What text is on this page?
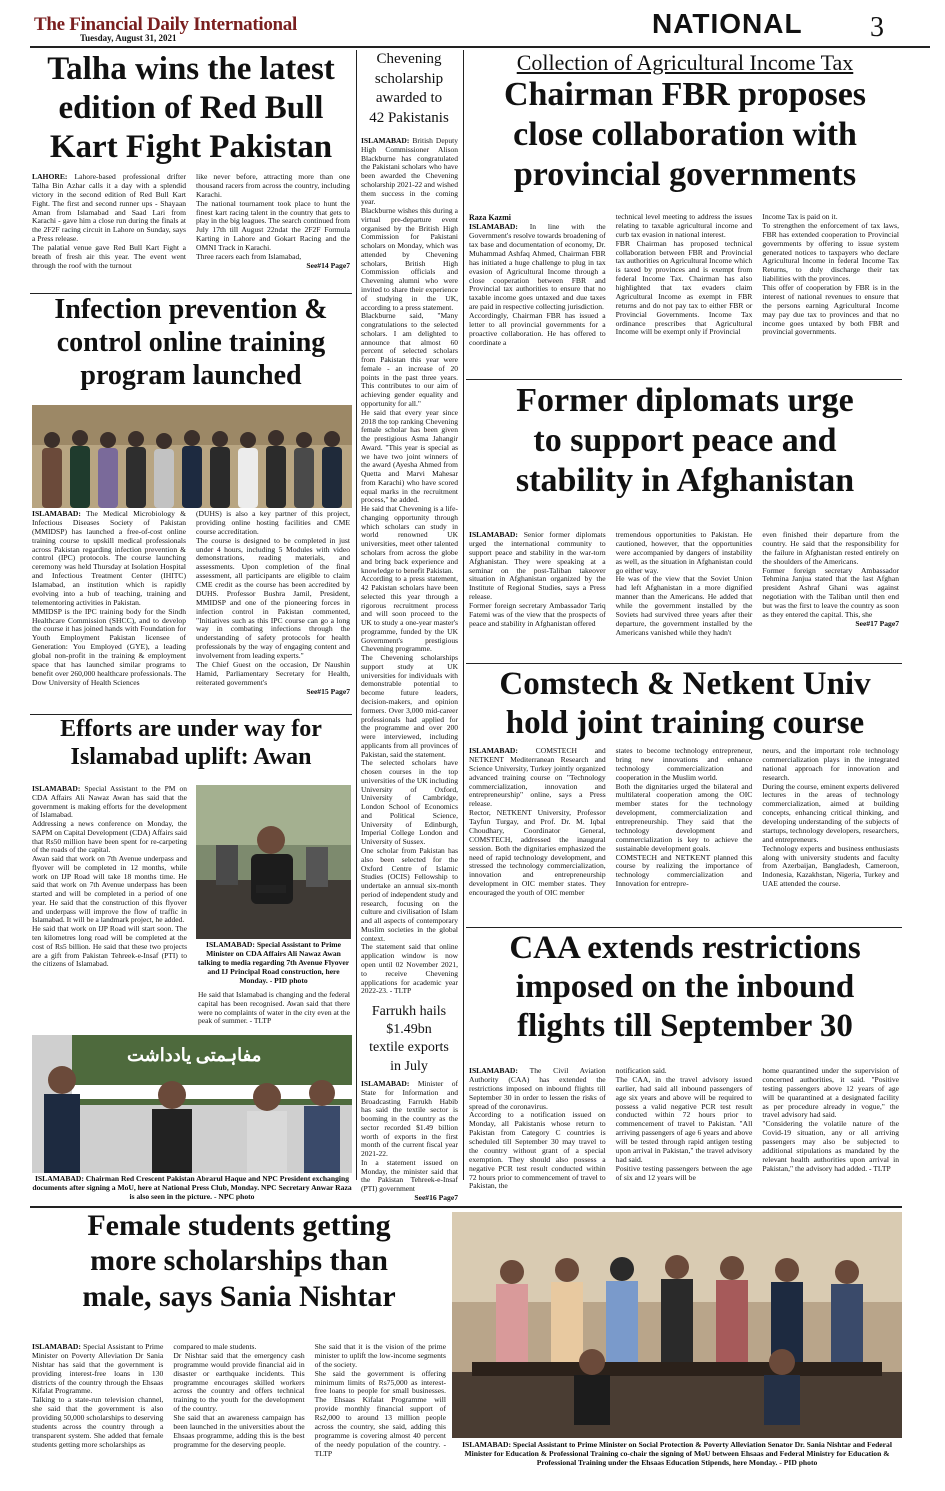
The Financial Daily International
Tuesday, August 31, 2021	NATIONAL 3
Talha wins the latest
edition of Red Bull
Kart Fight Pakistan
LAHORE: Lahore-based professional drifter Talha Bin Azhar calls it a day with a splendid victory in the second edition of Red Bull Kart Fight. The first and second runner ups - Shayaan Aman from Islamabad and Saad Lari from Karachi - gave him a close run during the finals at the 2F2F racing circuit in Lahore on Sunday, says a Press release.
The palatial venue gave Red Bull Kart Fight a breath of fresh air this year. The event went through the roof with the turnout
like never before, attracting more than one thousand racers from across the country, including Karachi.
The national tournament took place to hunt the finest kart racing talent in the country that gets to play in the big leagues. The search continued from July 17th till August 22ndat the 2F2F Formula Karting in Lahore and Gokart Racing and the OMNI Track in Karachi.
Three racers each from Islamabad,
See#14 Page7
Chevening
scholarship
awarded to
42 Pakistanis
ISLAMABAD: British Deputy High Commissioner Alison Blackburne has congratulated the Pakistani scholars who have been awarded the Chevening scholarship 2021-22 and wished them success in the coming year.
Blackburne wishes this during a virtual pre-departure event organised by the British High Commission for Pakistani scholars on Monday, which was attended by Chevening scholars, British High Commission officials and Chevening alumni who were invited to share their experience of studying in the UK, according to a press statement.
Blackburne said, "Many congratulations to the selected scholars. I am delighted to announce that almost 60 percent of selected scholars from Pakistan this year were female - an increase of 20 points in the past three years. This contributes to our aim of achieving gender equality and opportunity for all."
He said that every year since 2018 the top ranking Chevening female scholar has been given the prestigious Asma Jahangir Award. "This year is special as we have two joint winners of the award (Ayesha Ahmed from Quetta and Marvi Mahesar from Karachi) who have scored equal marks in the recruitment process," he added.
He said that Chevening is a life-changing opportunity through which scholars can study in world renowned UK universities, meet other talented scholars from across the globe and bring back experience and knowledge to benefit Pakistan.
According to a press statement, 42 Pakistan scholars have been selected this year through a rigorous recruitment process and will soon proceed to the UK to study a one-year master's programme, funded by the UK Government's prestigious Chevening programme.
The Chevening scholarships support study at UK universities for individuals with demonstrable potential to become future leaders, decision-makers, and opinion formers. Over 3,000 mid-career professionals had applied for the programme and over 200 were interviewed, including applicants from all provinces of Pakistan, said the statement.
The selected scholars have chosen courses in the top universities of the UK including University of Oxford, University of Cambridge, London School of Economics and Political Science, University of Edinburgh, Imperial College London and University of Sussex.
One scholar from Pakistan has also been selected for the Oxford Centre of Islamic Studies (OCIS) Fellowship to undertake an annual six-month period of independent study and research, focusing on the culture and civilisation of Islam and all aspects of contemporary Muslim societies in the global context.
The statement said that online application window is now open until 02 November 2021, to receive Chevening applications for academic year 2022-23. - TLTP
Collection of Agricultural Income Tax
Chairman FBR proposes
close collaboration with
provincial governments
Raza Kazmi
ISLAMABAD: In line with the Government's resolve towards broadening of tax base and documentation of economy, Dr. Muhammad Ashfaq Ahmed, Chairman FBR has initiated a huge challenge to plug in tax evasion of Agricultural Income through a close cooperation between FBR and Provincial tax authorities to ensure that no taxable income goes untaxed and due taxes are paid in respective collecting jurisdiction.
Accordingly, Chairman FBR has issued a letter to all provincial governments for a proactive collaboration. He has offered to coordinate a
technical level meeting to address the issues relating to taxable agricultural income and curb tax evasion in national interest.
FBR Chairman has proposed technical collaboration between FBR and Provincial tax authorities on Agricultural Income which is taxed by provinces and is exempt from federal Income Tax. Chairman has also highlighted that tax evaders claim Agricultural Income as exempt in FBR returns and do not pay tax to either FBR or Provincial Governments. Income Tax ordinance prescribes that Agricultural Income will be exempt only if Provincial
Income Tax is paid on it.
To strengthen the enforcement of tax laws, FBR has extended cooperation to Provincial governments by offering to issue system generated notices to taxpayers who declare Agricultural Income in federal Income Tax Returns, to duly discharge their tax liabilities with the provinces.
This offer of cooperation by FBR is in the interest of national revenues to ensure that the persons earning Agricultural Income may pay due tax to provinces and that no income goes untaxed by both FBR and provincial governments.
Infection prevention &
control online training
program launched
ISLAMABAD: The Medical Microbiology & Infectious Diseases Society of Pakistan (MMIDSP) has launched a free-of-cost online training course to upskill medical professionals across Pakistan regarding infection prevention & control (IPC) protocols. The course launching ceremony was held Thursday at Isolation Hospital and Infectious Treatment Center (IHITC) Islamabad, an institution which is rapidly evolving into a hub of teaching, training and telementoring activities in Pakistan.
MMIDSP is the IPC training body for the Sindh Healthcare Commission (SHCC), and to develop the course it has joined hands with Foundation for Youth Employment Pakistan licensee of Generation: You Employed (GYE), a leading global non-profit in the training & employment space that has launched similar programs to benefit over 260,000 healthcare professionals. The Dow University of Health Sciences
(DUHS) is also a key partner of this project, providing online hosting facilities and CME course accreditation.
The course is designed to be completed in just under 4 hours, including 5 Modules with video demonstrations, reading materials, and assessments. Upon completion of the final assessment, all participants are eligible to claim CME credit as the course has been accredited by DUHS. Professor Bushra Jamil, President, MMIDSP and one of the pioneering forces in infection control in Pakistan commented, "Initiatives such as this IPC course can go a long way in combating infections through the understanding of safety protocols for health professionals by the way of engaging content and involvement from leading experts."
The Chief Guest on the occasion, Dr Naushin Hamid, Parliamentary Secretary for Health, reiterated government's
See#15 Page7
Former diplomats urge
to support peace and
stability in Afghanistan
ISLAMABAD: Senior former diplomats urged the international community to support peace and stability in the war-torn Afghanistan. They were speaking at a seminar on the post-Taliban takeover situation in Afghanistan organized by the Institute of Regional Studies, says a Press release.
Former foreign secretary Ambassador Tariq Fatemi was of the view that the prospects of peace and stability in Afghanistan offered
tremendous opportunities to Pakistan. He cautioned, however, that the opportunities were accompanied by dangers of instability as well, as the situation in Afghanistan could go either way.
He was of the view that the Soviet Union had left Afghanistan in a more dignified manner than the Americans. He added that while the government installed by the Soviets had survived three years after their departure, the government installed by the Americans vanished while they hadn't
even finished their departure from the country. He said that the responsibility for the failure in Afghanistan rested entirely on the shoulders of the Americans.
Former foreign secretary Ambassador Tehmina Janjua stated that the last Afghan president Ashraf Ghani was against negotiation with the Taliban until then end but was the first to leave the country as soon as they entered the capital. This, she
See#17 Page7
Efforts are under way for
Islamabad uplift: Awan
ISLAMABAD: Special Assistant to the PM on CDA Affairs Ali Nawaz Awan has said that the government is making efforts for the development of Islamabad.
Addressing a news conference on Monday, the SAPM on Capital Development (CDA) Affairs said that Rs50 million have been spent for re-carpeting of the roads of the capital.
Awan said that work on 7th Avenue underpass and flyover will be completed in 12 months, while work on IJP Road will take 18 months time. He said that work on 7th Avenue underpass has been started and will be completed in a period of one year. He said that the construction of this flyover and underpass will improve the flow of traffic in Islamabad. It will be a landmark project, he added.
He said that work on IJP Road will start soon. The ten kilometres long road will be completed at the cost of Rs5 billion. He said that these two projects are a gift from Pakistan Tehreek-e-Insaf (PTI) to the citizens of Islamabad.
ISLAMABAD: Special Assistant to Prime Minister on CDA Affairs Ali Nawaz Awan talking to media regarding 7th Avenue Flyover and IJ Principal Road construction, here Monday. - PID photo
He said that Islamabad is changing and the federal capital has been recognised. Awan said that there were no complaints of water in the city even at the peak of summer. - TLTP
مفاہمتی یادداشت
ISLAMABAD: Chairman Red Crescent Pakistan Abrarul Haque and NPC President exchanging documents after signing a MoU, here at National Press Club, Monday. NPC Secretary Anwar Raza is also seen in the picture. - NPC photo
Farrukh hails
$1.49bn
textile exports
in July
ISLAMABAD: Minister of State for Information and Broadcasting Farrukh Habib has said the textile sector is booming in the country as the sector recorded $1.49 billion worth of exports in the first month of the current fiscal year 2021-22.
In a statement issued on Monday, the minister said that the Pakistan Tehreek-e-Insaf (PTI) government
See#16 Page7
Comstech & Netkent Univ
hold joint training course
ISLAMABAD: COMSTECH and NETKENT Mediterranean Research and Science University, Turkey jointly organized advanced training course on "Technology commercialization, innovation and entrepreneurship" online, says a Press release.
Rector, NETKENT University, Professor Tayfun Turgay, and Prof. Dr. M. Iqbal Choudhary, Coordinator General, COMSTECH, addressed the inaugural session. Both the dignitaries emphasized the need of rapid technology development, and stressed the technology commercialization, innovation and entrepreneurship development in OIC member states. They encouraged the youth of OIC member
states to become technology entrepreneur, bring new innovations and enhance technology commercialization and cooperation in the Muslim world.
Both the dignitaries urged the bilateral and multilateral cooperation among the OIC member states for the technology development, commercialization and entrepreneurship. They said that the technology development and commercialization is key to achieve the sustainable development goals.
COMSTECH and NETKENT planned this course by realizing the importance of technology commercialization and Innovation for entrepre-
neurs, and the important role technology commercialization plays in the integrated national approach for innovation and research.
During the course, eminent experts delivered lectures in the areas of technology commercialization, aimed at building concepts, enhancing critical thinking, and developing understanding of the subjects of startups, technology developers, researchers, and entrepreneurs.
Technology experts and business enthusiasts along with university students and faculty from Azerbaijan, Bangladesh, Cameroon, Indonesia, Kazakhstan, Nigeria, Turkey and UAE attended the course.
CAA extends restrictions
imposed on the inbound
flights till September 30
ISLAMABAD: The Civil Aviation Authority (CAA) has extended the restrictions imposed on inbound flights till September 30 in order to lessen the risks of spread of the coronavirus.
According to a notification issued on Monday, all Pakistanis whose return to Pakistan from Category C countries is scheduled till September 30 may travel to the country without grant of a special exemption. They should also possess a negative PCR test result conducted within 72 hours prior to commencement of travel to Pakistan, the
notification said.
The CAA, in the travel advisory issued earlier, had said all inbound passengers of age six years and above will be required to possess a valid negative PCR test result conducted within 72 hours prior to commencement of travel to Pakistan. "All arriving passengers of age 6 years and above will be tested through rapid antigen testing upon arrival in Pakistan," the travel advisory had said.
Positive testing passengers between the age of six and 12 years will be
home quarantined under the supervision of concerned authorities, it said. "Positive testing passengers above 12 years of age will be quarantined at a designated facility as per procedure already in vogue," the travel advisory had said.
"Considering the volatile nature of the Covid-19 situation, any or all arriving passengers may also be subjected to additional stipulations as mandated by the relevant health authorities upon arrival in Pakistan," the advisory had added. - TLTP
Female students getting
more scholarships than
male, says Sania Nishtar
ISLAMABAD: Special Assistant to Prime Minister on Poverty Alleviation Dr Sania Nishtar has said that the government is providing interest-free loans in 130 districts of the country through the Ehsaas Kifalat Programme.
Talking to a state-run television channel, she said that the government is also providing 50,000 scholarships to deserving students across the country through a transparent system. She added that female students getting more scholarships as
compared to male students.
Dr Nishtar said that the emergency cash programme would provide financial aid in disaster or earthquake incidents. This programme encourages skilled workers across the country and offers technical training to the youth for the development of the country.
She said that an awareness campaign has been launched in the universities about the Ehsaas programme, adding this is the best programme for the deserving people.
She said that it is the vision of the prime minister to uplift the low-income segments of the society.
She said the government is offering minimum limits of Rs75,000 as interest-free loans to people for small businesses. The Ehsaas Kifalat Programme will provide monthly financial support of Rs2,000 to around 13 million people across the country, she said, adding this programme is covering almost 40 percent of the needy population of the country. - TLTP
ISLAMABAD: Special Assistant to Prime Minister on Social Protection & Poverty Alleviation Senator Dr. Sania Nishtar and Federal Minister for Education & Professional Training co-chair the signing of MoU between Ehsaas and Federal Ministry for Education & Professional Training under the Ehsaas Education Stipends, here Monday. - PID photo
